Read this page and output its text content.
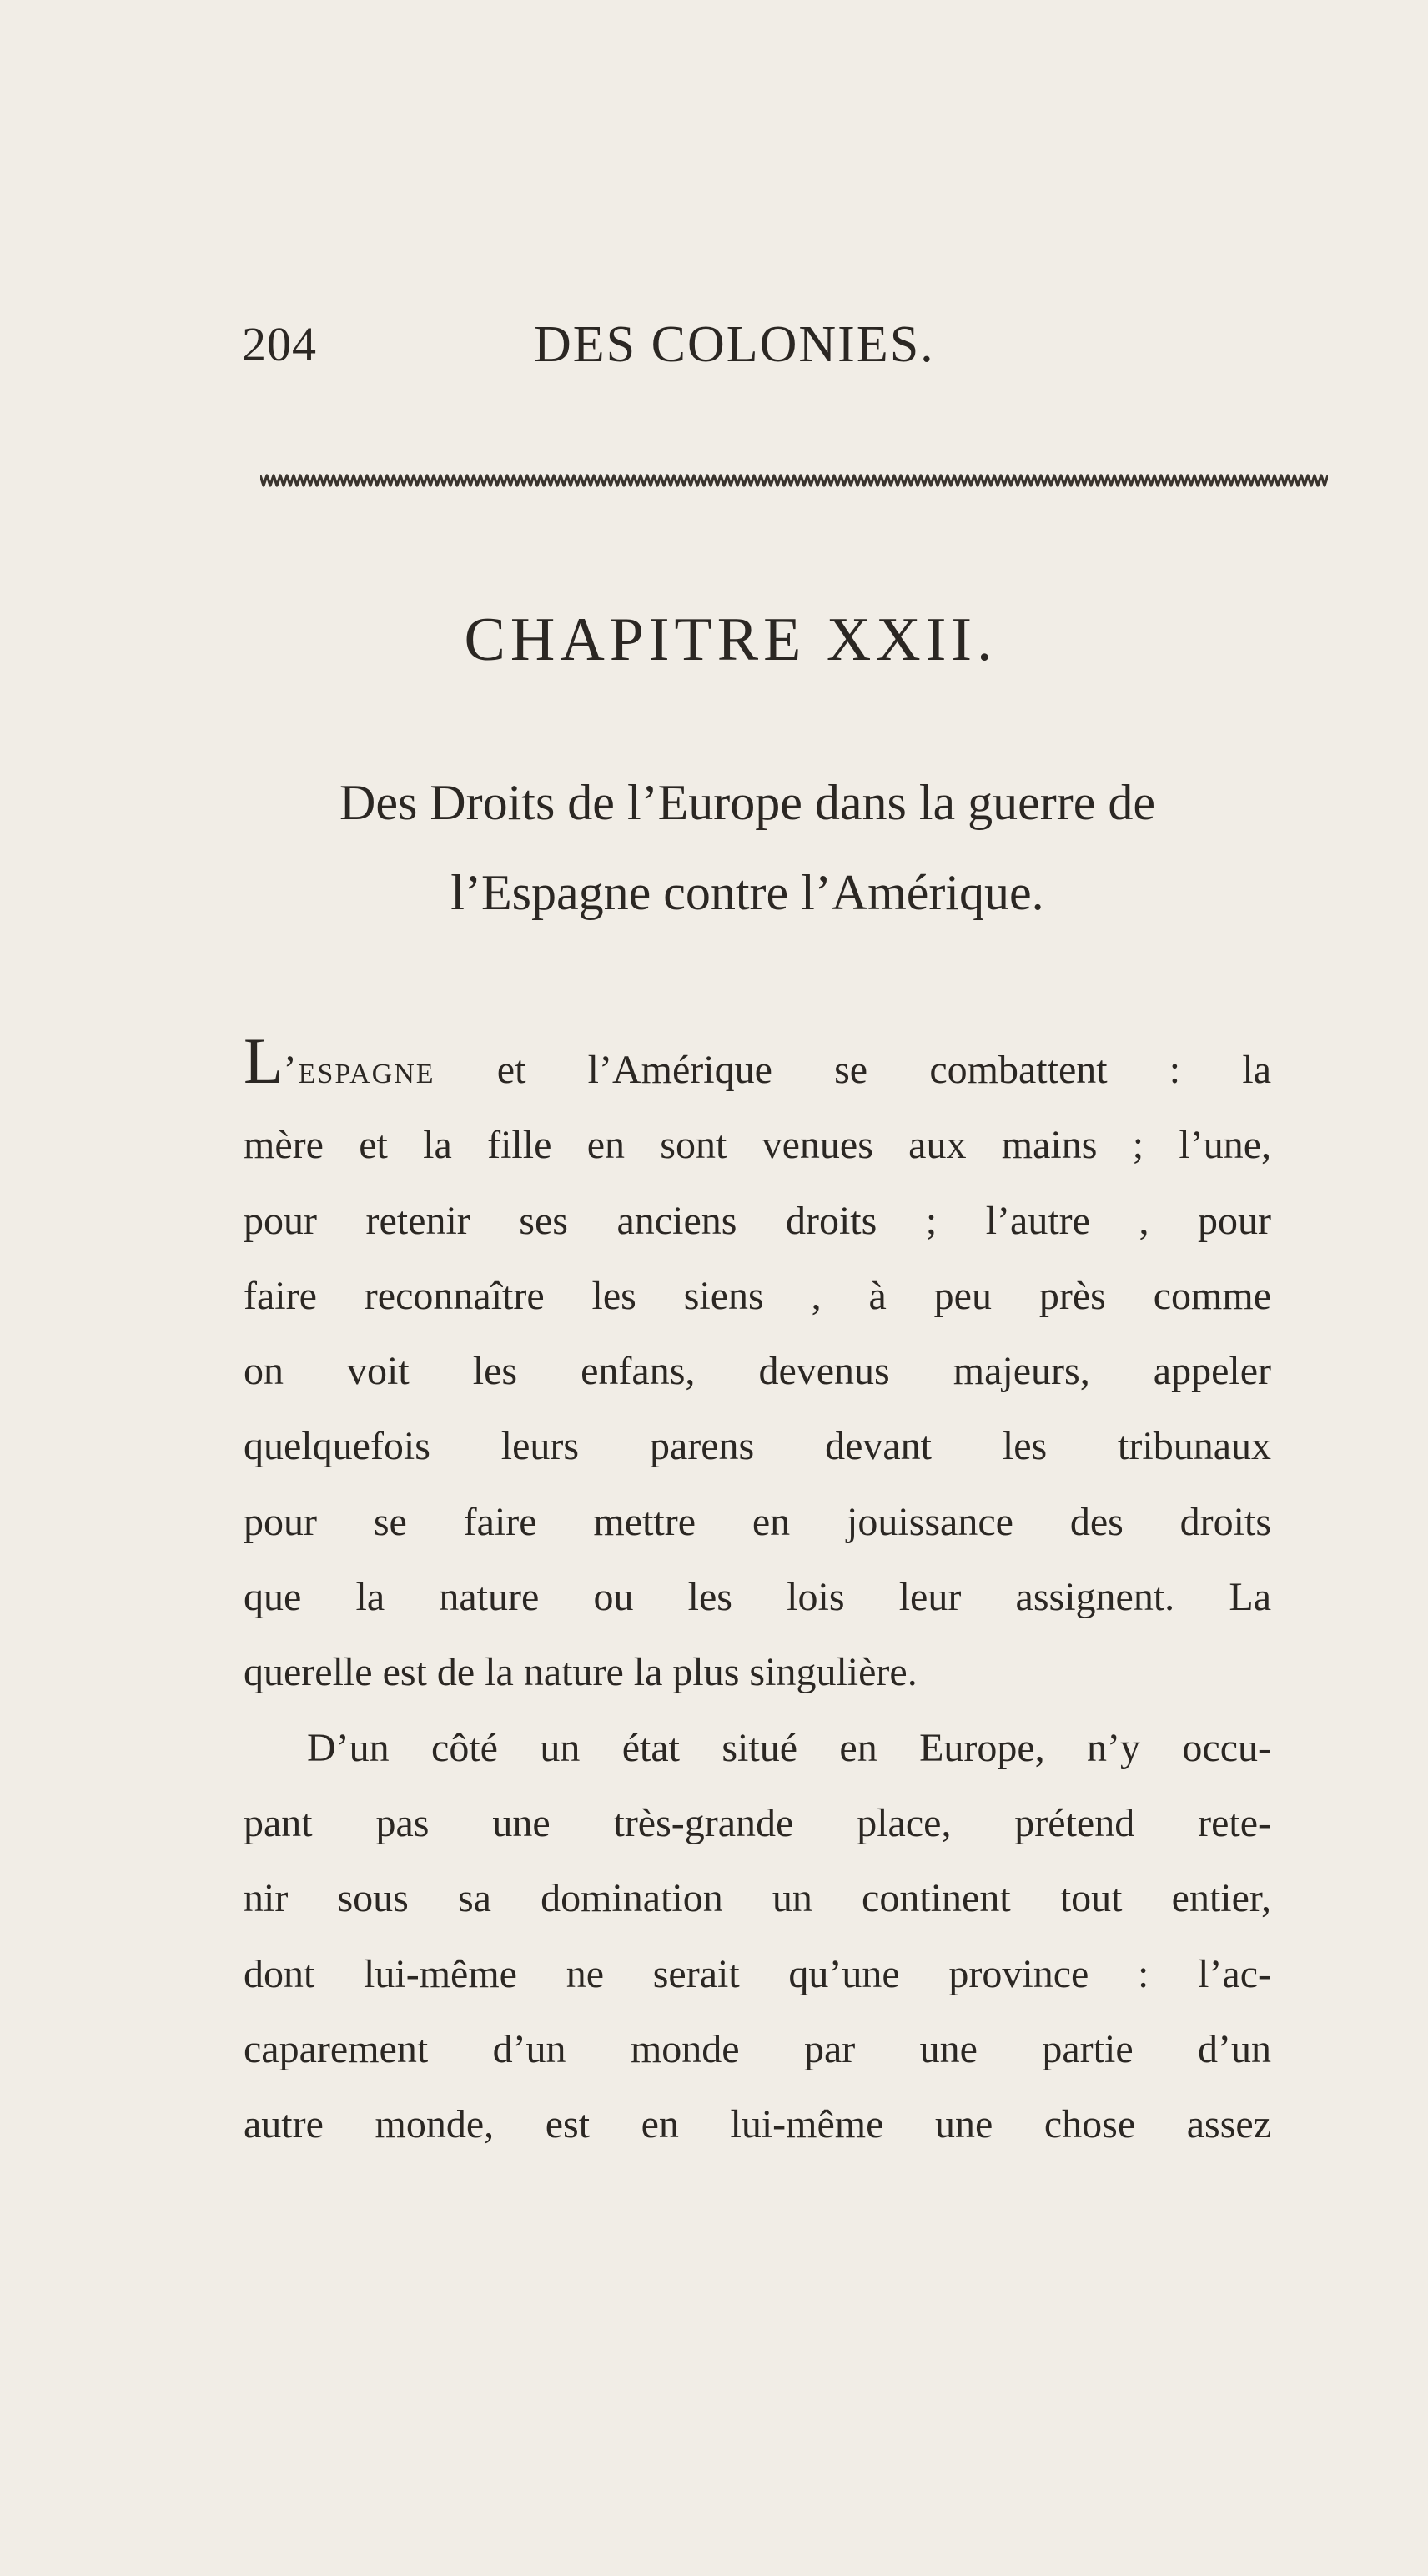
204	DES COLONIES.
CHAPITRE XXII.
Des Droits de l’Europe dans la guerre de
l’Espagne contre l’Amérique.
L’espagne et l’Amérique se combattent : la
mère et la fille en sont venues aux mains ; l’une,
pour retenir ses anciens droits ; l’autre , pour
faire reconnaître les siens , à peu près comme
on voit les enfans, devenus majeurs, appeler
quelquefois leurs parens devant les tribunaux
pour se faire mettre en jouissance des droits
que la nature ou les lois leur assignent. La
querelle est de la nature la plus singulière.
D’un côté un état situé en Europe, n’y occu-
pant pas une très-grande place, prétend rete-
nir sous sa domination un continent tout entier,
dont lui-même ne serait qu’une province : l’ac-
caparement d’un monde par une partie d’un
autre monde, est en lui-même une chose assez
